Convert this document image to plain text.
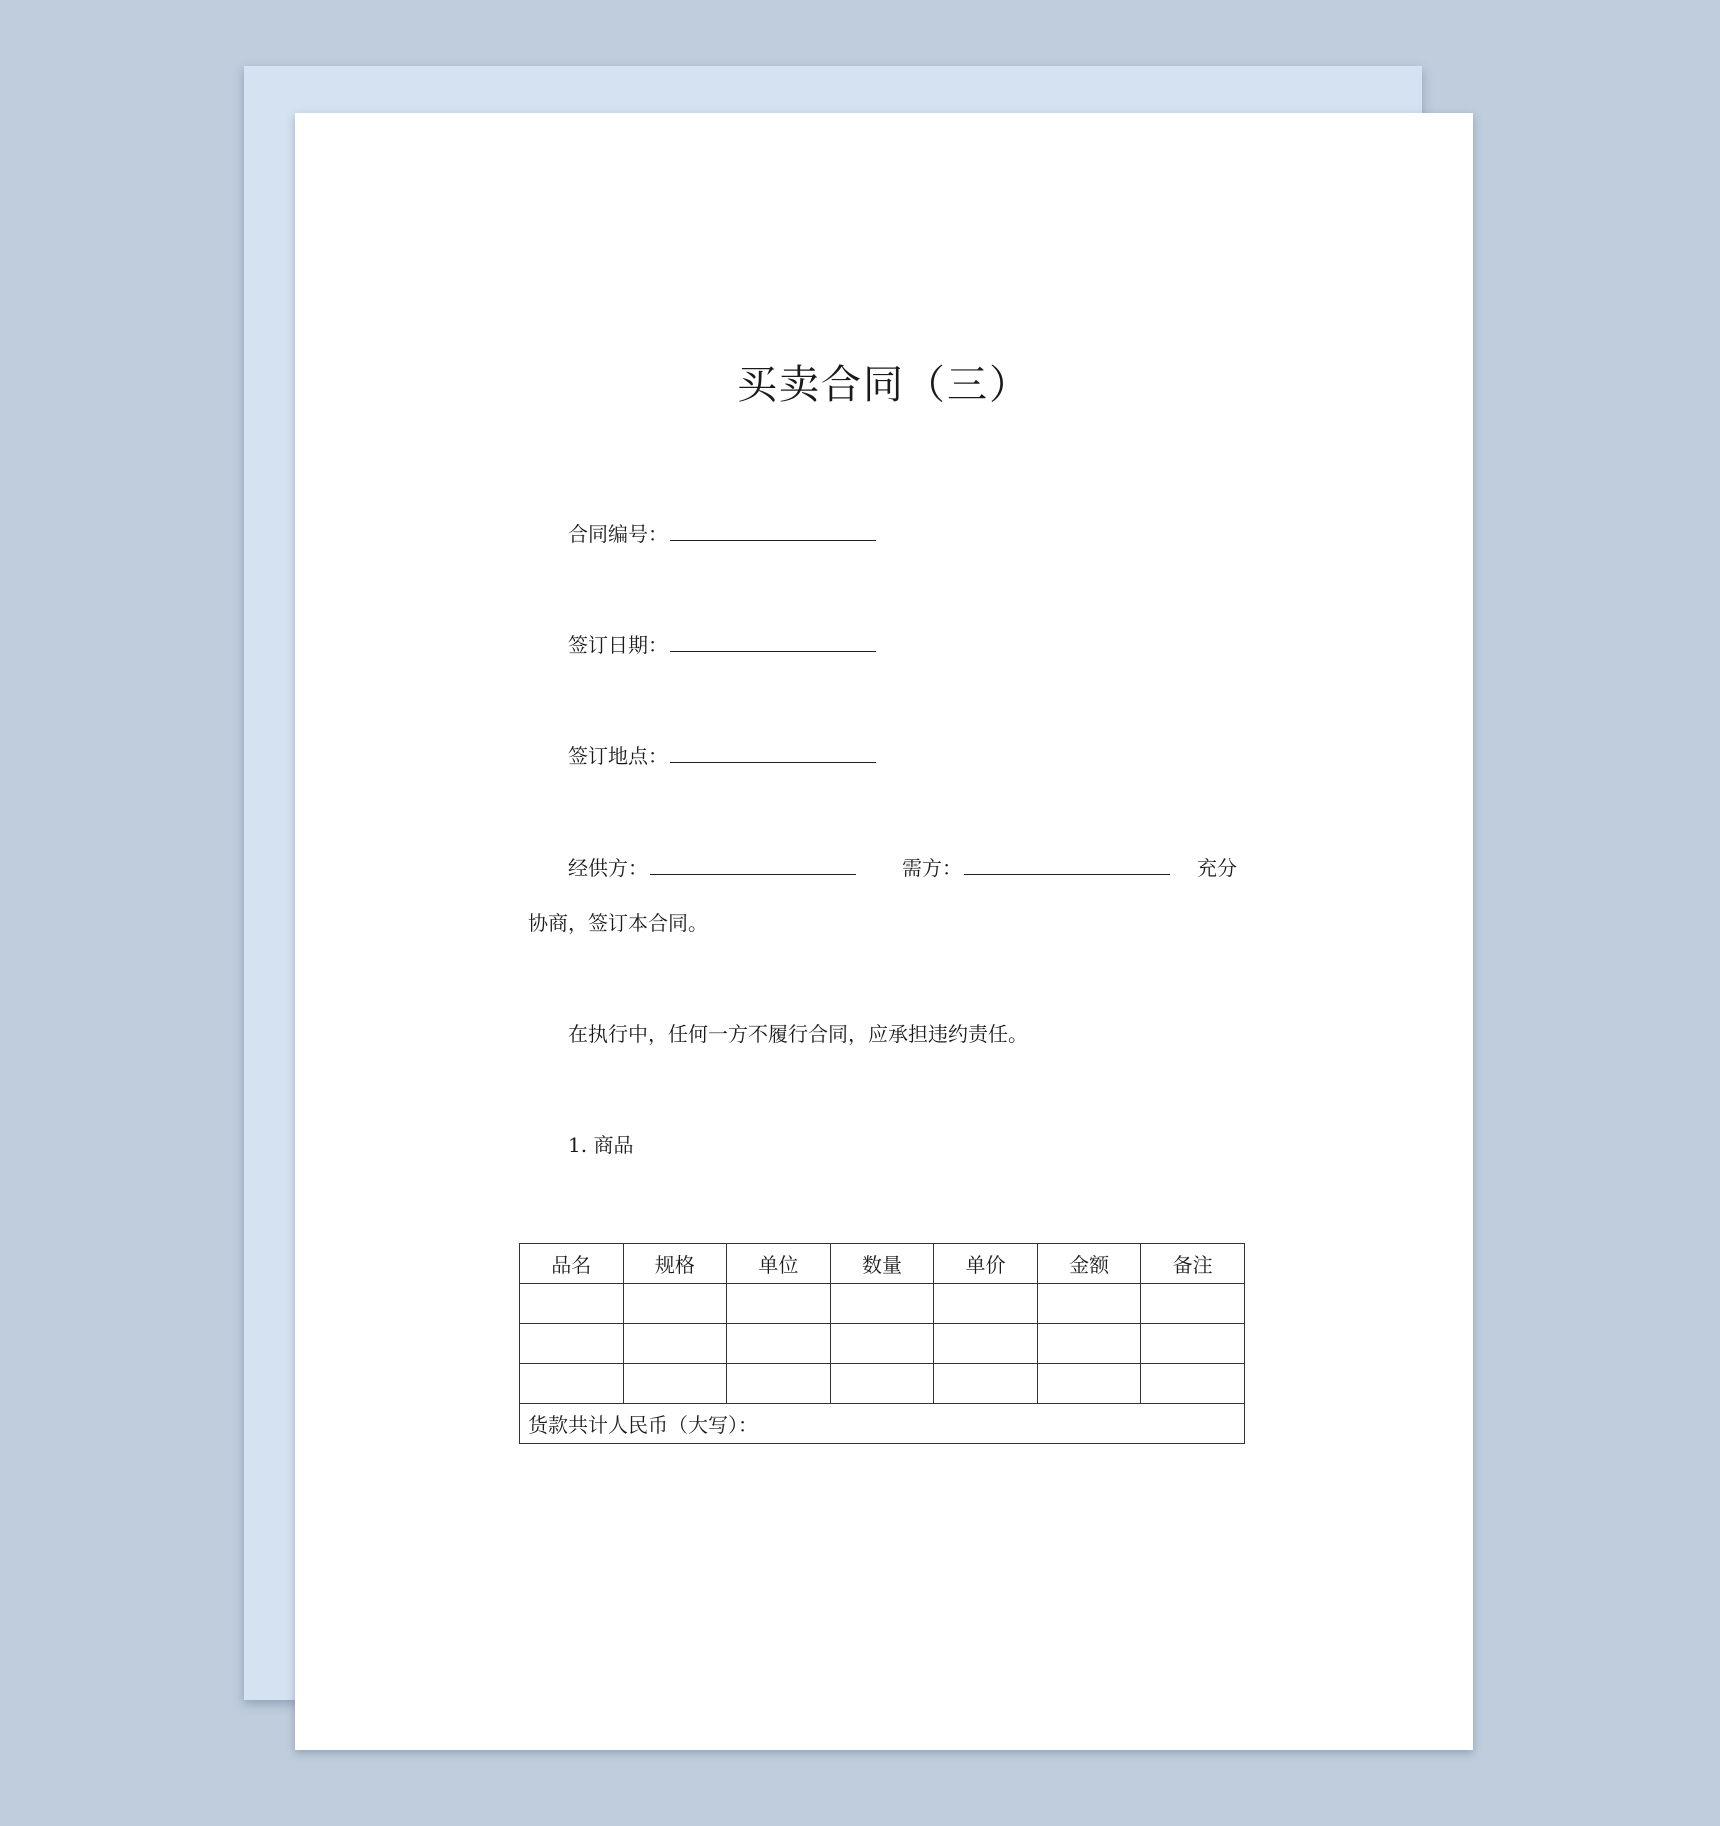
买卖合同（三）
合同编号：
签订日期：
签订地点：
经供方：	需方：	充分
协商，签订本合同。
在执行中，任何一方不履行合同，应承担违约责任。
1. 商品
品名	规格	单位	数量	单价	金额	备注

货款共计人民币（大写）：						
